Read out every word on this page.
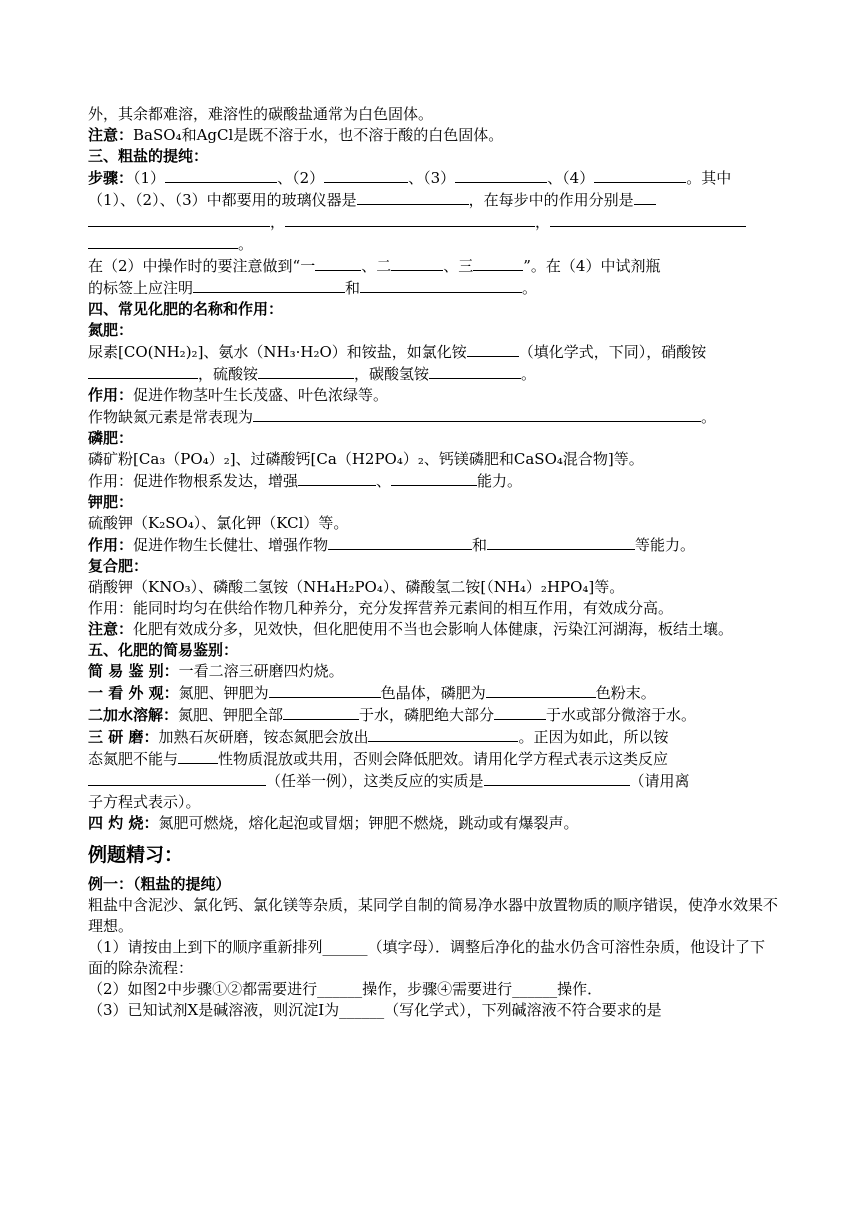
外，其余都难溶，难溶性的碳酸盐通常为白色固体。
注意：BaSO₄和AgCl是既不溶于水，也不溶于酸的白色固体。
三、粗盐的提纯：
步骤：（1）	、（2）	、（3）	、（4）	。其中
（1）、（2）、（3）中都要用的玻璃仪器是	，在每步中的作用分别是
，	，
。
在（2）中操作时的要注意做到“一	、二	、三	”。在（4）中试剂瓶
的标签上应注明	和	。
四、常见化肥的名称和作用：
氮肥：
尿素[CO(NH₂)₂]、氨水（NH₃·H₂O）和铵盐，如氯化铵	（填化学式，下同），硝酸铵
，硫酸铵	，碳酸氢铵	。
作用：促进作物茎叶生长茂盛、叶色浓绿等。
作物缺氮元素是常表现为	。
磷肥：
磷矿粉[Ca₃（PO₄）₂]、过磷酸钙[Ca（H2PO₄）₂、钙镁磷肥和CaSO₄混合物]等。
作用：促进作物根系发达，增强	、	能力。
钾肥：
硫酸钾（K₂SO₄）、氯化钾（KCl）等。
作用：促进作物生长健壮、增强作物	和	等能力。
复合肥：
硝酸钾（KNO₃）、磷酸二氢铵（NH₄H₂PO₄）、磷酸氢二铵[（NH₄）₂HPO₄]等。
作用：能同时均匀在供给作物几种养分，充分发挥营养元素间的相互作用，有效成分高。
注意：化肥有效成分多，见效快，但化肥使用不当也会影响人体健康，污染江河湖海，板结土壤。
五、化肥的简易鉴别：
简 易 鉴 别：一看二溶三研磨四灼烧。
一 看 外 观：氮肥、钾肥为	色晶体，磷肥为	色粉末。
二加水溶解：氮肥、钾肥全部	于水，磷肥绝大部分	于水或部分微溶于水。
三 研 磨：加熟石灰研磨，铵态氮肥会放出	。正因为如此，所以铵
态氮肥不能与	性物质混放或共用，否则会降低肥效。请用化学方程式表示这类反应
（任举一例），这类反应的实质是	（请用离
子方程式表示）。
四 灼 烧：氮肥可燃烧，熔化起泡或冒烟；钾肥不燃烧，跳动或有爆裂声。
例题精习：
例一：（粗盐的提纯）
粗盐中含泥沙、氯化钙、氯化镁等杂质，某同学自制的简易净水器中放置物质的顺序错误，使净水效果不理想。
（1）请按由上到下的顺序重新排列______（填字母）．调整后净化的盐水仍含可溶性杂质，他设计了下面的除杂流程：
（2）如图2中步骤①②都需要进行______操作，步骤④需要进行______操作．
（3）已知试剂X是碱溶液，则沉淀Ⅰ为______（写化学式），下列碱溶液不符合要求的是
